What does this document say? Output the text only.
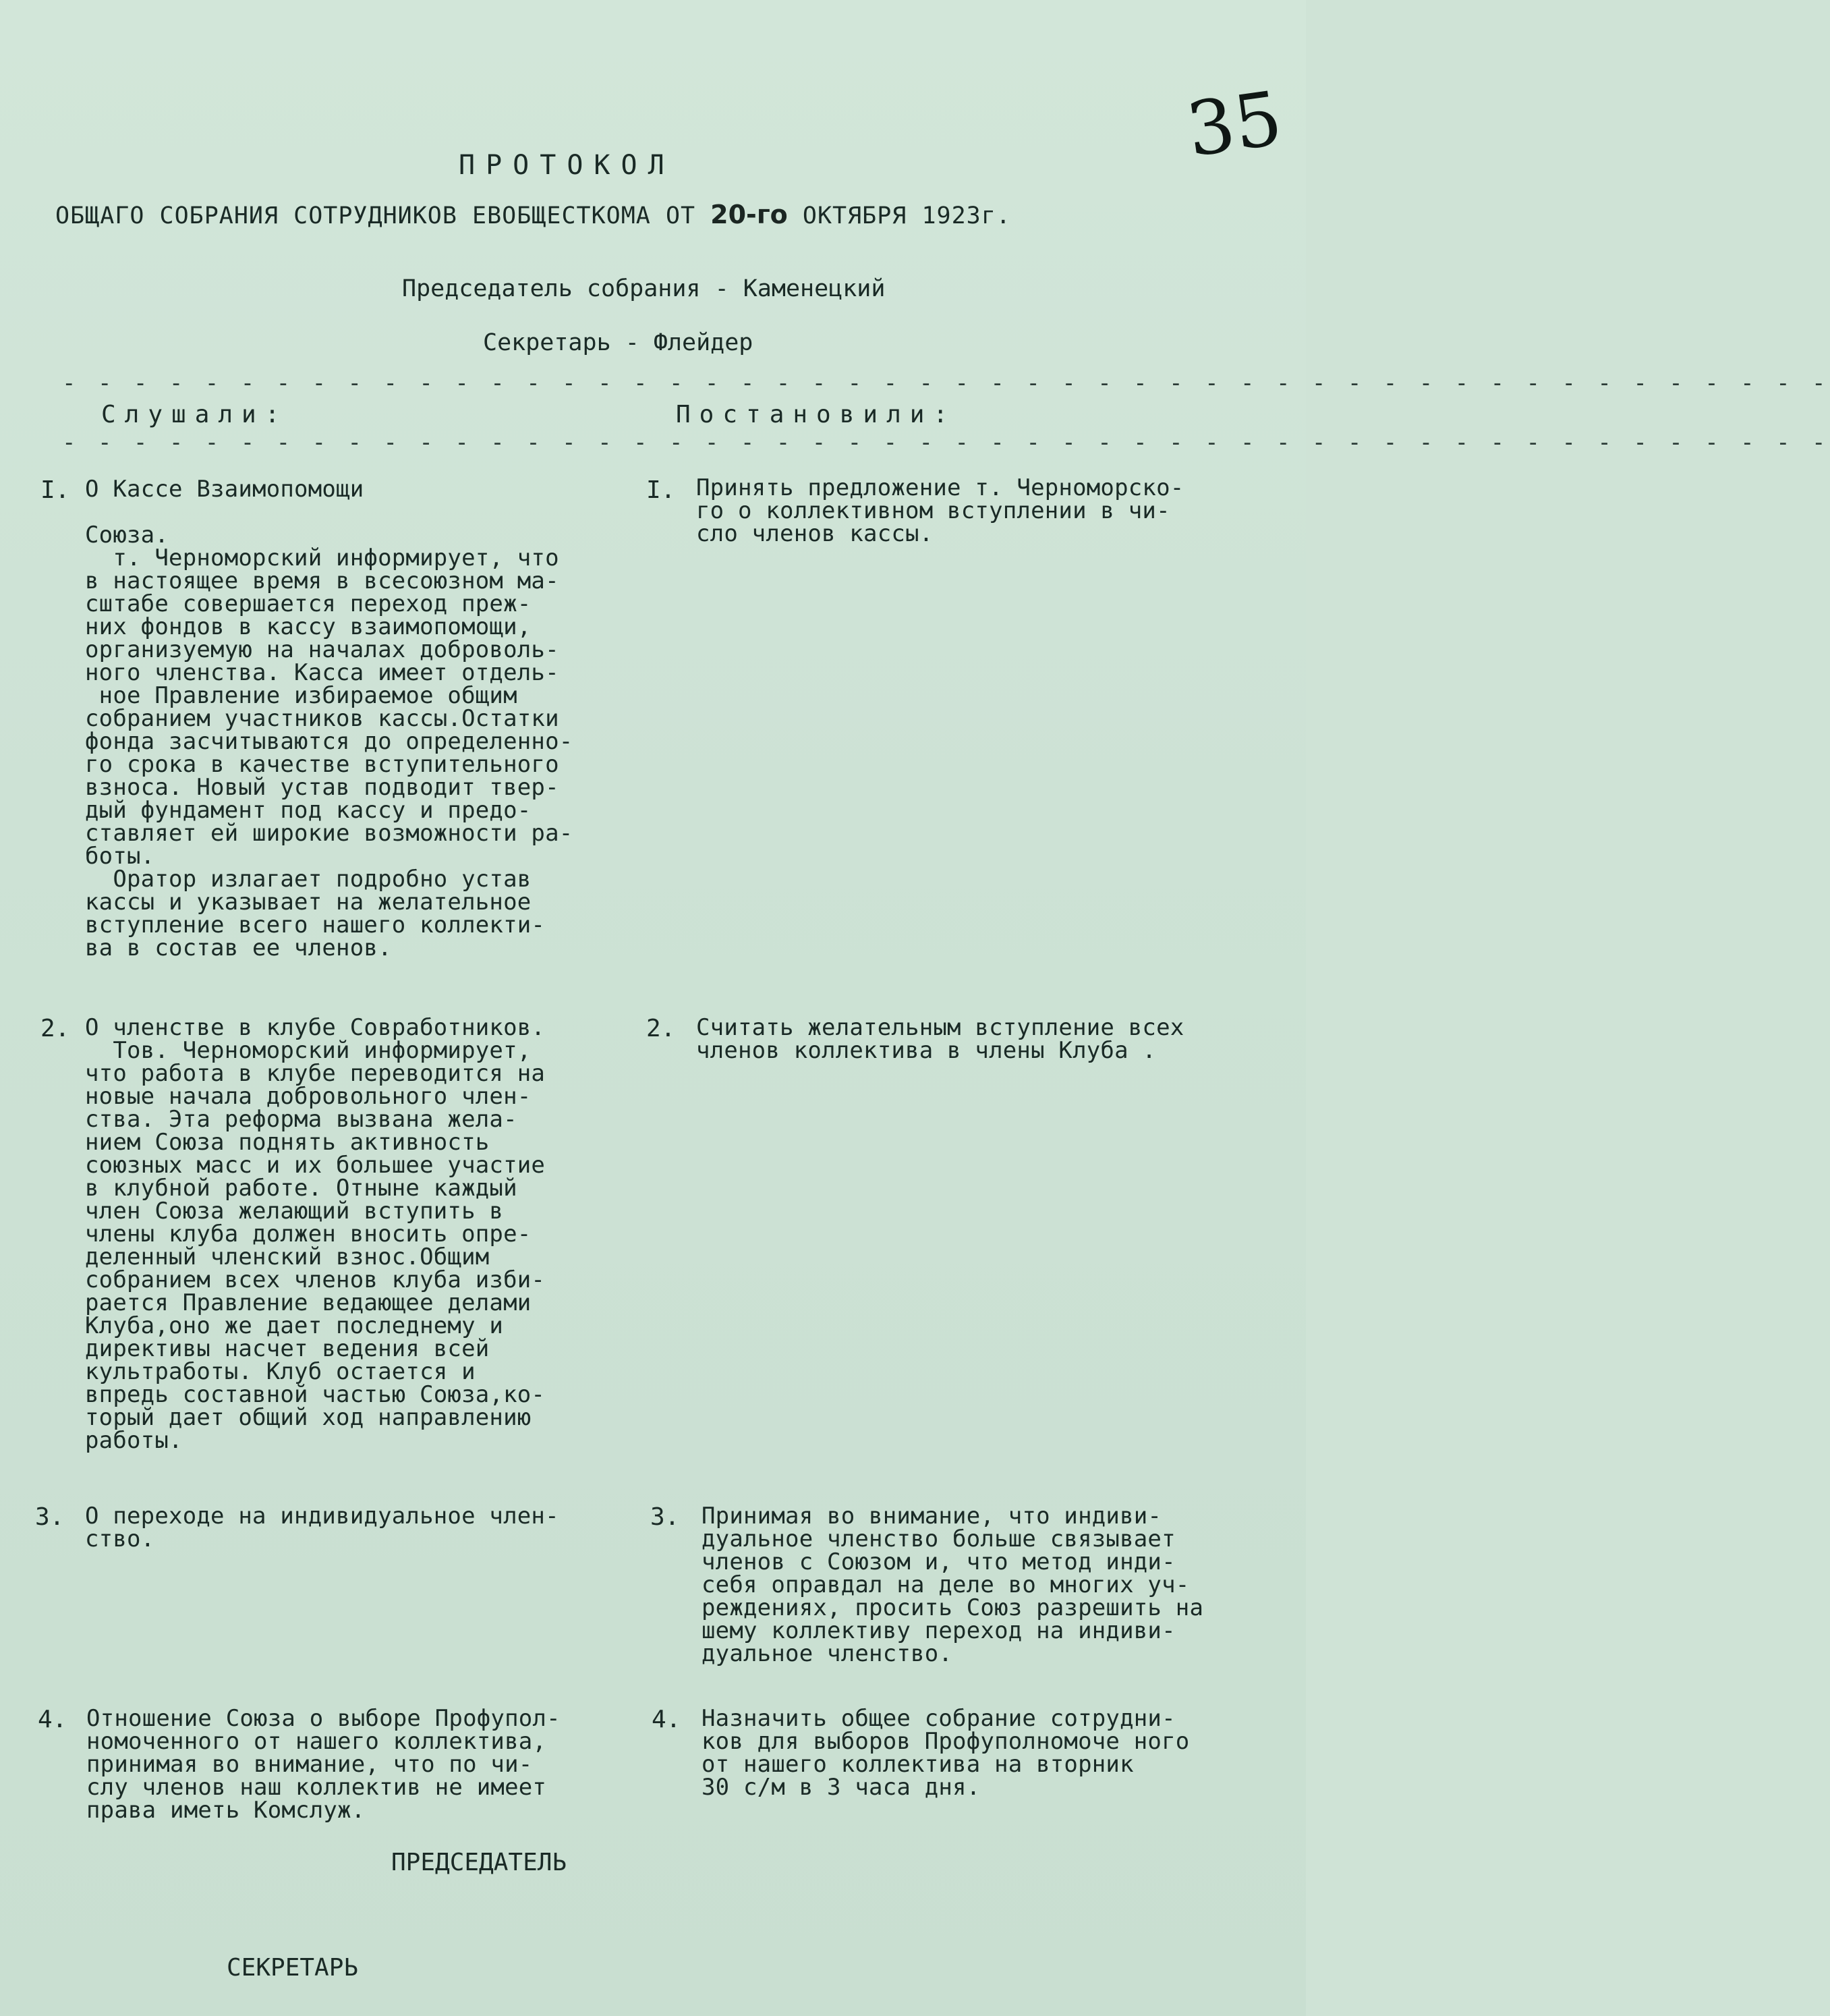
35
ПРОТОКОЛ
ОБЩАГО СОБРАНИЯ СОТРУДНИКОВ ЕВОБЩЕСТКОМА ОТ 20-го ОКТЯБРЯ 1923г.
Председатель собрания - Каменецкий
Секретарь - Флейдер
- - - - - - - - - - - - - - - - - - - - - - - - - - - - - - - - - - - - - - - - - - - - - - - - - -
Слушали:	Постановили:
- - - - - - - - - - - - - - - - - - - - - - - - - - - - - - - - - - - - - - - - - - - - - - - - - -
I. О Кассе Взаимопомощи

Союза.
т. Черноморский информирует, что
в настоящее время в всесоюзном ма-
сштабе совершается переход преж-
них фондов в кассу взаимопомощи,
организуемую на началах доброволь-
ного членства. Касса имеет отдель-
ное Правление избираемое общим
собранием участников кассы.Остатки
фонда засчитываются до определенно-
го срока в качестве вступительного
взноса. Новый устав подводит твер-
дый фундамент под кассу и предо-
ставляет ей широкие возможности ра-
боты.
Оратор излагает подробно устав
кассы и указывает на желательное
вступление всего нашего коллекти-
ва в состав ее членов.
I. Принять предложение т. Черноморско-
го о коллективном вступлении в чи-
сло членов кассы.
2. О членстве в клубе Совработников.
Тов. Черноморский информирует,
что работа в клубе переводится на
новые начала добровольного член-
ства. Эта реформа вызвана жела-
нием Союза поднять активность
союзных масс и их большее участие
в клубной работе. Отныне каждый
член Союза желающий вступить в
члены клуба должен вносить опре-
деленный членский взнос.Общим
собранием всех членов клуба изби-
рается Правление ведающее делами
Клуба,оно же дает последнему и
директивы насчет ведения всей
культработы. Клуб остается и
впредь составной частью Союза,ко-
торый дает общий ход направлению
работы.
2. Считать желательным вступление всех
членов коллектива в члены Клуба .
3. О переходе на индивидуальное член-
ство.
3. Принимая во внимание, что индиви-
дуальное членство больше связывает
членов с Союзом и, что метод инди-
себя оправдал на деле во многих уч-
реждениях, просить Союз разрешить на
шему коллективу переход на индиви-
дуальное членство.
4. Отношение Союза о выборе Профупол-
номоченного от нашего коллектива,
принимая во внимание, что по чи-
слу членов наш коллектив не имеет
права иметь Комслуж.
4. Назначить общее собрание сотрудни-
ков для выборов Профуполномоче ного
от нашего коллектива на вторник
30 с/м в 3 часа дня.
ПРЕДСЕДАТЕЛЬ
СЕКРЕТАРЬ
